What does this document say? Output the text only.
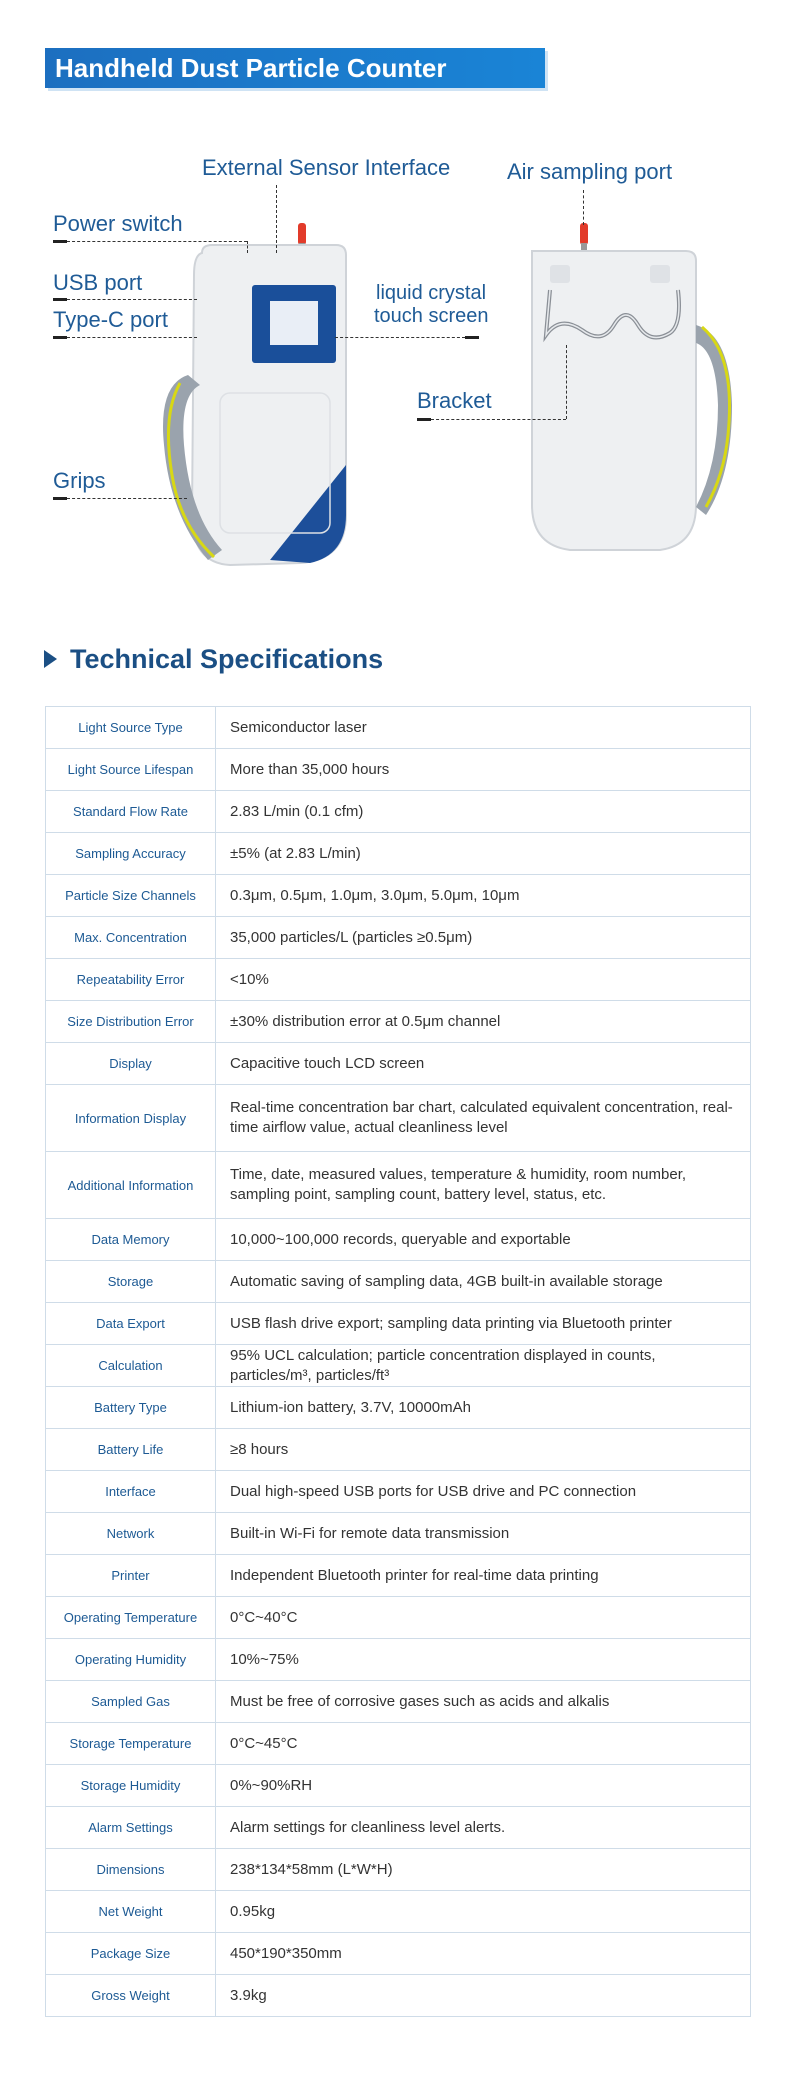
Handheld Dust Particle Counter Parameters
External Sensor Interface
Power switch
USB port
Type-C port
Grips
liquid crystal
touch screen
Air sampling port
Bracket
Technical Specifications
Light Source Type	Semiconductor laser
Light Source Lifespan	More than 35,000 hours
Standard Flow Rate	2.83 L/min (0.1 cfm)
Sampling Accuracy	±5% (at 2.83 L/min)
Particle Size Channels	0.3μm, 0.5μm, 1.0μm, 3.0μm, 5.0μm, 10μm
Max. Concentration	35,000 particles/L (particles ≥0.5μm)
Repeatability Error	<10%
Size Distribution Error	±30% distribution error at 0.5μm channel
Display	Capacitive touch LCD screen
Information Display	Real-time concentration bar chart, calculated equivalent concentration, real-time airflow value, actual cleanliness level
Additional Information	Time, date, measured values, temperature & humidity, room number, sampling point, sampling count, battery level, status, etc.
Data Memory	10,000~100,000 records, queryable and exportable
Storage	Automatic saving of sampling data, 4GB built-in available storage
Data Export	USB flash drive export; sampling data printing via Bluetooth printer
Calculation	95% UCL calculation; particle concentration displayed in counts, particles/m³, particles/ft³
Battery Type	Lithium-ion battery, 3.7V, 10000mAh
Battery Life	≥8 hours
Interface	Dual high-speed USB ports for USB drive and PC connection
Network	Built-in Wi-Fi for remote data transmission
Printer	Independent Bluetooth printer for real-time data printing
Operating Temperature	0°C~40°C
Operating Humidity	10%~75%
Sampled Gas	Must be free of corrosive gases such as acids and alkalis
Storage Temperature	0°C~45°C
Storage Humidity	0%~90%RH
Alarm Settings	Alarm settings for cleanliness level alerts.
Dimensions	238*134*58mm (L*W*H)
Net Weight	0.95kg
Package Size	450*190*350mm
Gross Weight	3.9kg
